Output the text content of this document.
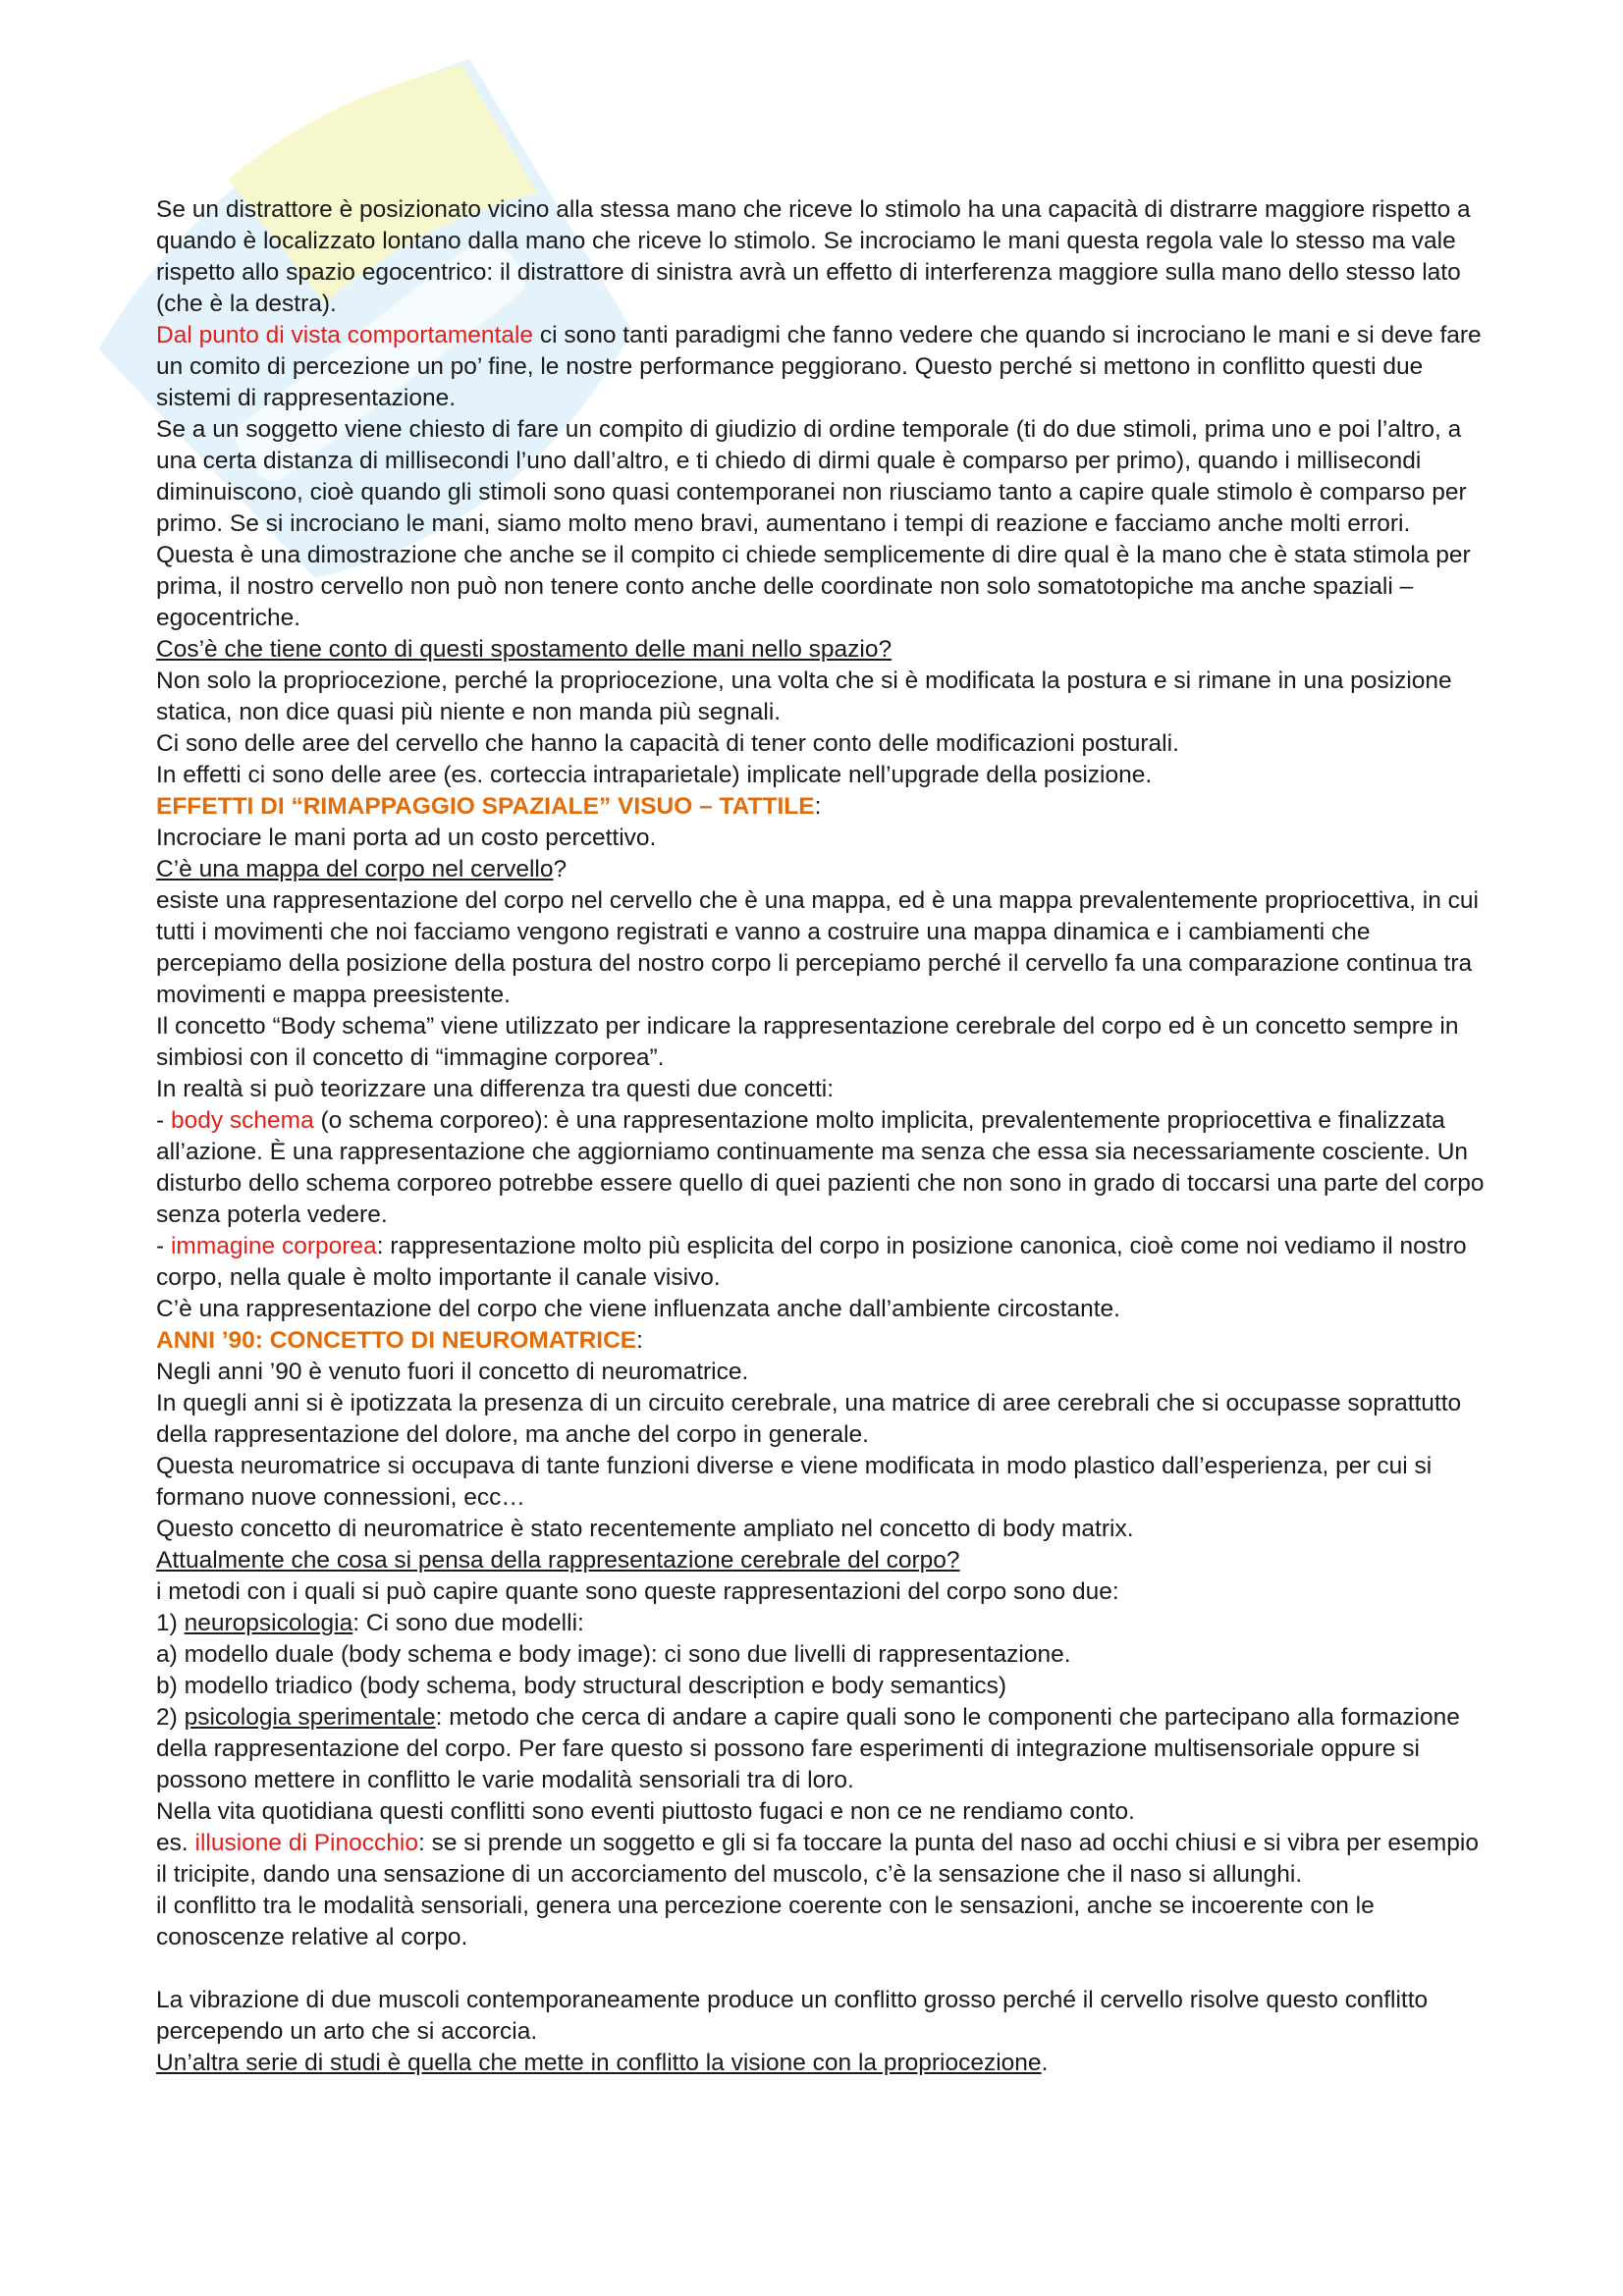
Se un distrattore è posizionato vicino alla stessa mano che riceve lo stimolo ha una capacità di distrarre maggiore rispetto a quando è localizzato lontano dalla mano che riceve lo stimolo. Se incrociamo le mani questa regola vale lo stesso ma vale rispetto allo spazio egocentrico: il distrattore di sinistra avrà un effetto di interferenza maggiore sulla mano dello stesso lato (che è la destra).

Dal punto di vista comportamentale ci sono tanti paradigmi che fanno vedere che quando si incrociano le mani e si deve fare un comito di percezione un po’ fine, le nostre performance peggiorano. Questo perché si mettono in conflitto questi due sistemi di rappresentazione.

Se a un soggetto viene chiesto di fare un compito di giudizio di ordine temporale (ti do due stimoli, prima uno e poi l’altro, a una certa distanza di millisecondi l’uno dall’altro, e ti chiedo di dirmi quale è comparso per primo), quando i millisecondi diminuiscono, cioè quando gli stimoli sono quasi contemporanei non riusciamo tanto a capire quale stimolo è comparso per primo. Se si incrociano le mani, siamo molto meno bravi, aumentano i tempi di reazione e facciamo anche molti errori.

Questa è una dimostrazione che anche se il compito ci chiede semplicemente di dire qual è la mano che è stata stimola per prima, il nostro cervello non può non tenere conto anche delle coordinate non solo somatotopiche ma anche spaziali – egocentriche.

Cos’è che tiene conto di questi spostamento delle mani nello spazio?

Non solo la propriocezione, perché la propriocezione, una volta che si è modificata la postura e si rimane in una posizione statica, non dice quasi più niente e non manda più segnali.

Ci sono delle aree del cervello che hanno la capacità di tener conto delle modificazioni posturali.

In effetti ci sono delle aree (es. corteccia intraparietale) implicate nell’upgrade della posizione.

EFFETTI DI “RIMAPPAGGIO SPAZIALE” VISUO – TATTILE:

Incrociare le mani porta ad un costo percettivo.

C’è una mappa del corpo nel cervello?

esiste una rappresentazione del corpo nel cervello che è una mappa, ed è una mappa prevalentemente propriocettiva, in cui tutti i movimenti che noi facciamo vengono registrati e vanno a costruire una mappa dinamica e i cambiamenti che percepiamo della posizione della postura del nostro corpo li percepiamo perché il cervello fa una comparazione continua tra movimenti e mappa preesistente.

Il concetto “Body schema” viene utilizzato per indicare la rappresentazione cerebrale del corpo ed è un concetto sempre in simbiosi con il concetto di “immagine corporea”.

In realtà si può teorizzare una differenza tra questi due concetti:

- body schema (o schema corporeo): è una rappresentazione molto implicita, prevalentemente propriocettiva e finalizzata all’azione. È una rappresentazione che aggiorniamo continuamente ma senza che essa sia necessariamente cosciente. Un disturbo dello schema corporeo potrebbe essere quello di quei pazienti che non sono in grado di toccarsi una parte del corpo senza poterla vedere.

- immagine corporea: rappresentazione molto più esplicita del corpo in posizione canonica, cioè come noi vediamo il nostro corpo, nella quale è molto importante il canale visivo.

C’è una rappresentazione del corpo che viene influenzata anche dall’ambiente circostante.

ANNI ’90: CONCETTO DI NEUROMATRICE:

Negli anni ’90 è venuto fuori il concetto di neuromatrice.

In quegli anni si è ipotizzata la presenza di un circuito cerebrale, una matrice di aree cerebrali che si occupasse soprattutto della rappresentazione del dolore, ma anche del corpo in generale.

Questa neuromatrice si occupava di tante funzioni diverse e viene modificata in modo plastico dall’esperienza, per cui si formano nuove connessioni, ecc…

Questo concetto di neuromatrice è stato recentemente ampliato nel concetto di body matrix.

Attualmente che cosa si pensa della rappresentazione cerebrale del corpo?

i metodi con i quali si può capire quante sono queste rappresentazioni del corpo sono due:

1) neuropsicologia: Ci sono due modelli:

a) modello duale (body schema e body image): ci sono due livelli di rappresentazione.

b) modello triadico (body schema, body structural description e body semantics)

2) psicologia sperimentale: metodo che cerca di andare a capire quali sono le componenti che partecipano alla formazione della rappresentazione del corpo. Per fare questo si possono fare esperimenti di integrazione multisensoriale oppure si possono mettere in conflitto le varie modalità sensoriali tra di loro.

Nella vita quotidiana questi conflitti sono eventi piuttosto fugaci e non ce ne rendiamo conto.

es. illusione di Pinocchio: se si prende un soggetto e gli si fa toccare la punta del naso ad occhi chiusi e si vibra per esempio il tricipite, dando una sensazione di un accorciamento del muscolo, c’è la sensazione che il naso si allunghi.

il conflitto tra le modalità sensoriali, genera una percezione coerente con le sensazioni, anche se incoerente con le conoscenze relative al corpo.

La vibrazione di due muscoli contemporaneamente produce un conflitto grosso perché il cervello risolve questo conflitto percependo un arto che si accorcia.

Un’altra serie di studi è quella che mette in conflitto la visione con la propriocezione.
